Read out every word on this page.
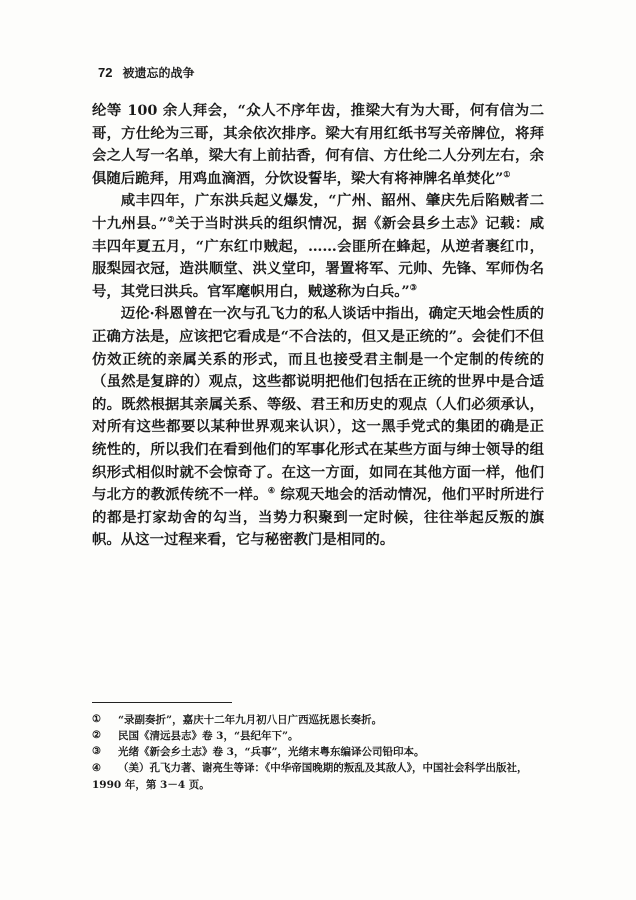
72 被遗忘的战争

纶等 100 余人拜会，“众人不序年齿，推梁大有为大哥，何有信为二哥，方仕纶为三哥，其余依次排序。梁大有用红纸书写关帝牌位，将拜会之人写一名单，梁大有上前拈香，何有信、方仕纶二人分列左右，余俱随后跪拜，用鸡血滴酒，分饮设誓毕，梁大有将神牌名单焚化”①

咸丰四年，广东洪兵起义爆发，“广州、韶州、肇庆先后陷贼者二十九州县。”②关于当时洪兵的组织情况，据《新会县乡土志》记载：咸丰四年夏五月，“广东红巾贼起，……会匪所在蜂起，从逆者裹红巾，服梨园衣冠，造洪顺堂、洪义堂印，署置将军、元帅、先锋、军师伪名号，其党曰洪兵。官军麾帜用白，贼遂称为白兵。”③

迈伦·科恩曾在一次与孔飞力的私人谈话中指出，确定天地会性质的正确方法是，应该把它看成是“不合法的，但又是正统的”。会徒们不但仿效正统的亲属关系的形式，而且也接受君主制是一个定制的传统的（虽然是复辟的）观点，这些都说明把他们包括在正统的世界中是合适的。既然根据其亲属关系、等级、君王和历史的观点（人们必须承认，对所有这些都要以某种世界观来认识），这一黑手党式的集团的确是正统性的，所以我们在看到他们的军事化形式在某些方面与绅士领导的组织形式相似时就不会惊奇了。在这一方面，如同在其他方面一样，他们与北方的教派传统不一样。④ 综观天地会的活动情况，他们平时所进行的都是打家劫舍的勾当，当势力积聚到一定时候，往往举起反叛的旗帜。从这一过程来看，它与秘密教门是相同的。

① “录副奏折”，嘉庆十二年九月初八日广西巡抚恩长奏折。
② 民国《清远县志》卷 3，“县纪年下”。
③ 光绪《新会乡土志》卷 3，“兵事”，光绪末粤东编译公司铅印本。
④ （美）孔飞力著、谢亮生等译：《中华帝国晚期的叛乱及其敌人》，中国社会科学出版社，1990 年，第 3－4 页。
